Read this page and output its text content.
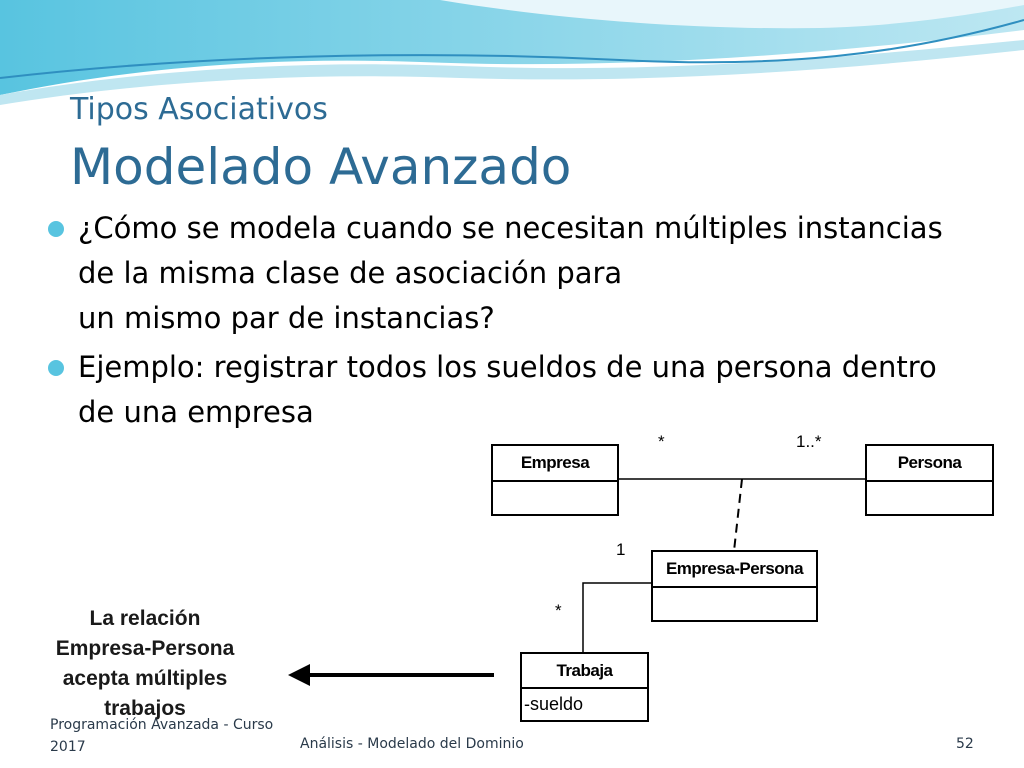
Tipos Asociativos
Modelado Avanzado
¿Cómo se modela cuando se necesitan múltiples instancias
de la misma clase de asociación para
un mismo par de instancias?
Ejemplo: registrar todos los sueldos de una persona dentro
de una empresa
Empresa	Persona
Empresa-Persona
Trabaja
-sueldo
*	1..*
1
*
La relación
Empresa-Persona
acepta múltiples
trabajos
Programación Avanzada - Curso
2017	Análisis - Modelado del Dominio	52
